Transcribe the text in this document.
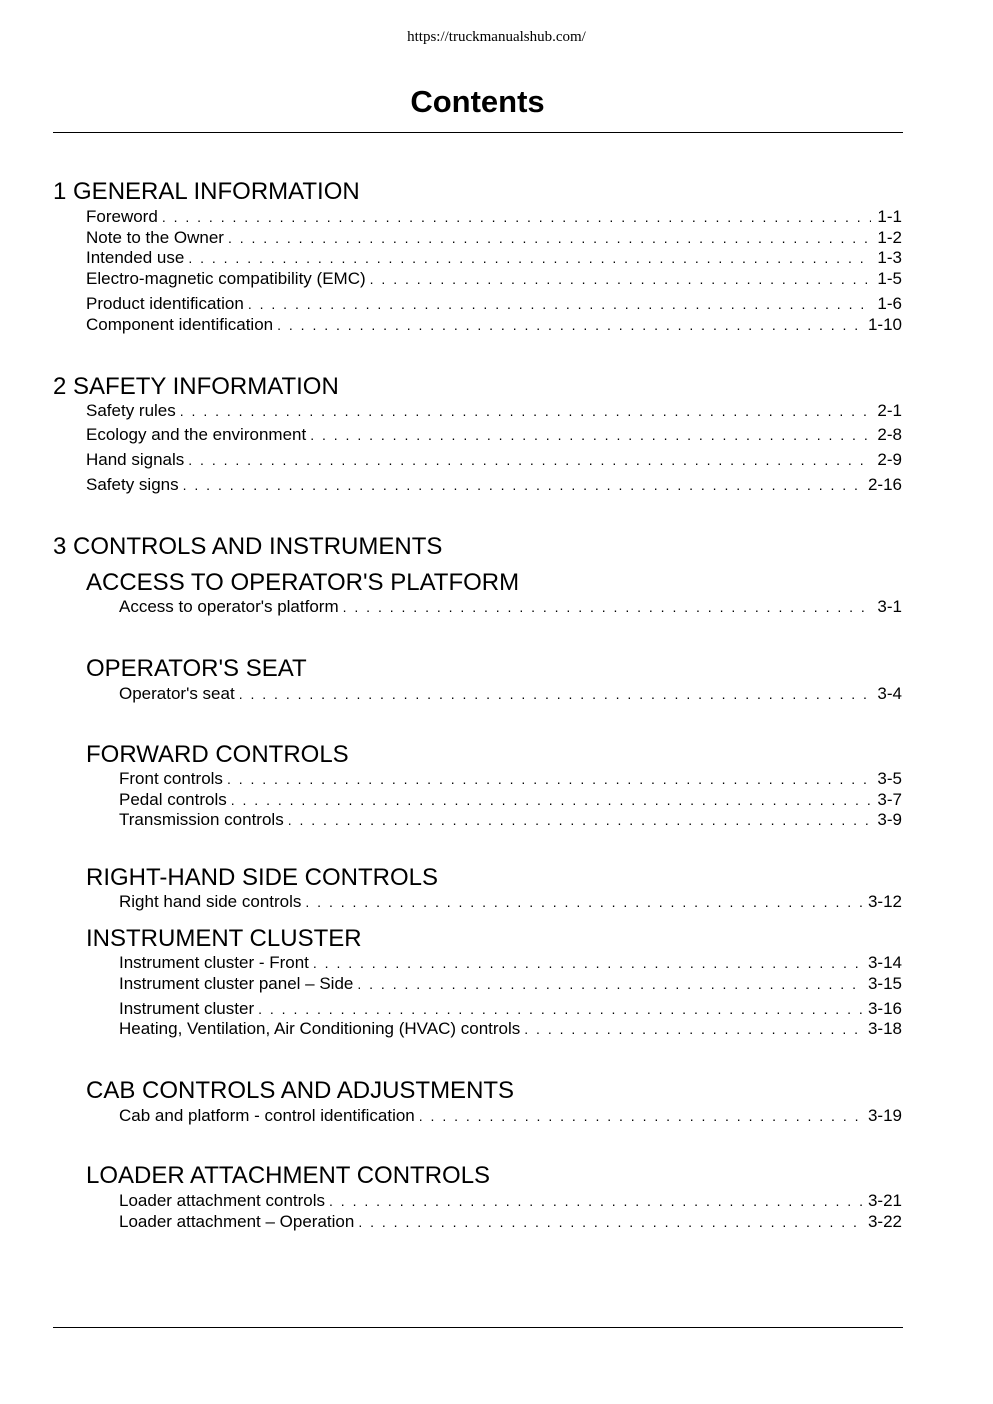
https://truckmanualshub.com/
Contents
1 GENERAL INFORMATION
Foreword . . .	1-1
Note to the Owner . . .	1-2
Intended use . . .	1-3
Electro-magnetic compatibility (EMC) . . .	1-5
Product identification . . .	1-6
Component identification . . .	1-10
2 SAFETY INFORMATION
Safety rules . . .	2-1
Ecology and the environment . . .	2-8
Hand signals . . .	2-9
Safety signs . . .	2-16
3 CONTROLS AND INSTRUMENTS
ACCESS TO OPERATOR'S PLATFORM
Access to operator's platform . . .	3-1
OPERATOR'S SEAT
Operator's seat . . .	3-4
FORWARD CONTROLS
Front controls . . .	3-5
Pedal controls . . .	3-7
Transmission controls . . .	3-9
RIGHT-HAND SIDE CONTROLS
Right hand side controls . . .	3-12
INSTRUMENT CLUSTER
Instrument cluster - Front . . .	3-14
Instrument cluster panel – Side . . .	3-15
Instrument cluster . . .	3-16
Heating, Ventilation, Air Conditioning (HVAC) controls . . .	3-18
CAB CONTROLS AND ADJUSTMENTS
Cab and platform - control identification . . .	3-19
LOADER ATTACHMENT CONTROLS
Loader attachment controls . . .	3-21
Loader attachment – Operation . . .	3-22
